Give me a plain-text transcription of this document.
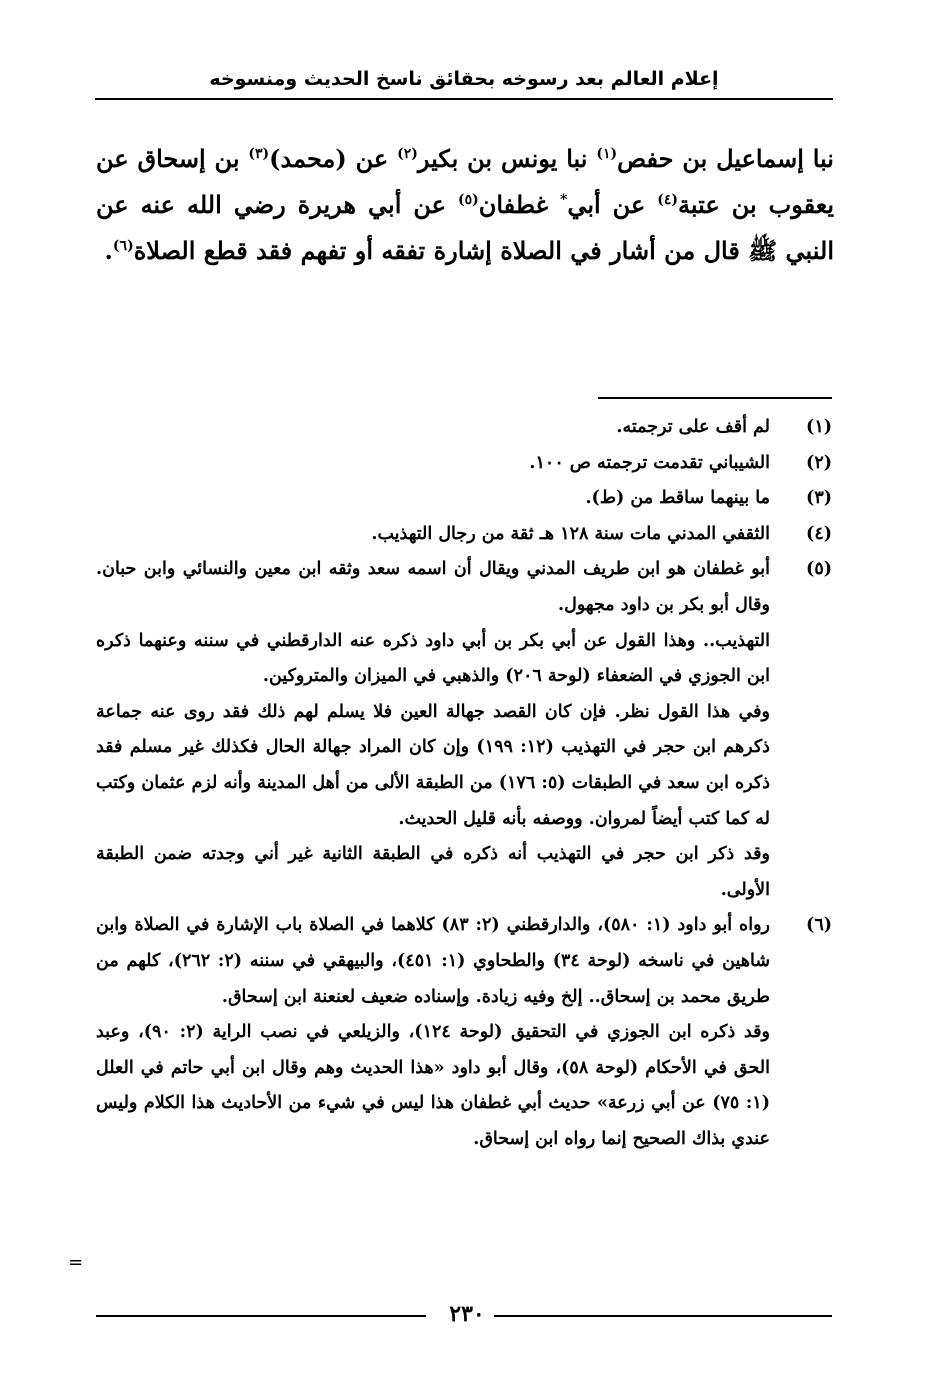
إعلام العالم بعد رسوخه بحقائق ناسخ الحديث ومنسوخه

نبا إسماعيل بن حفص$^{(١)}$ نبا يونس بن بكير$^{(٢)}$ عن (محمد)$^{(٣)}$ بن إسحاق عن يعقوب بن عتبة$^{(٤)}$ عن أبي* غطفان$^{(٥)}$ عن أبي هريرة رضي الله عنه عن النبي ﷺ قال من أشار في الصلاة إشارة تفقه أو تفهم فقد قطع الصلاة$^{(٦)}$.

(١)
لم أقف على ترجمته.
(٢)
الشيباني تقدمت ترجمته ص ١٠٠.
(٣)
ما بينهما ساقط من (ط).
(٤)
الثقفي المدني مات سنة ١٢٨ هـ ثقة من رجال التهذيب.
(٥)

أبو غطفان هو ابن طريف المدني ويقال أن اسمه سعد وثقه ابن معين والنسائي وابن حبان. وقال أبو بكر بن داود مجهول.

التهذيب.. وهذا القول عن أبي بكر بن أبي داود ذكره عنه الدارقطني في سننه وعنهما ذكره ابن الجوزي في الضعفاء (لوحة ٢٠٦) والذهبي في الميزان والمتروكين.

وفي هذا القول نظر. فإن كان القصد جهالة العين فلا يسلم لهم ذلك فقد روى عنه جماعة ذكرهم ابن حجر في التهذيب (١٢: ١٩٩) وإن كان المراد جهالة الحال فكذلك غير مسلم فقد ذكره ابن سعد في الطبقات (٥: ١٧٦) من الطبقة الألى من أهل المدينة وأنه لزم عثمان وكتب له كما كتب أيضاً لمروان. ووصفه بأنه قليل الحديث.

وقد ذكر ابن حجر في التهذيب أنه ذكره في الطبقة الثانية غير أني وجدته ضمن الطبقة الأولى.

(٦)

رواه أبو داود (١: ٥٨٠)، والدارقطني (٢: ٨٣) كلاهما في الصلاة باب الإشارة في الصلاة وابن شاهين في ناسخه (لوحة ٣٤) والطحاوي (١: ٤٥١)، والبيهقي في سننه (٢: ٢٦٢)، كلهم من طريق محمد بن إسحاق.. إلخ وفيه زيادة. وإسناده ضعيف لعنعنة ابن إسحاق.

وقد ذكره ابن الجوزي في التحقيق (لوحة ١٢٤)، والزيلعي في نصب الراية (٢: ٩٠)، وعبد الحق في الأحكام (لوحة ٥٨)، وقال أبو داود «هذا الحديث وهم وقال ابن أبي حاتم في العلل (١: ٧٥) عن أبي زرعة» حديث أبي غطفان هذا ليس في شيء من الأحاديث هذا الكلام وليس عندي بذاك الصحيح إنما رواه ابن إسحاق.

=
٢٣٠
